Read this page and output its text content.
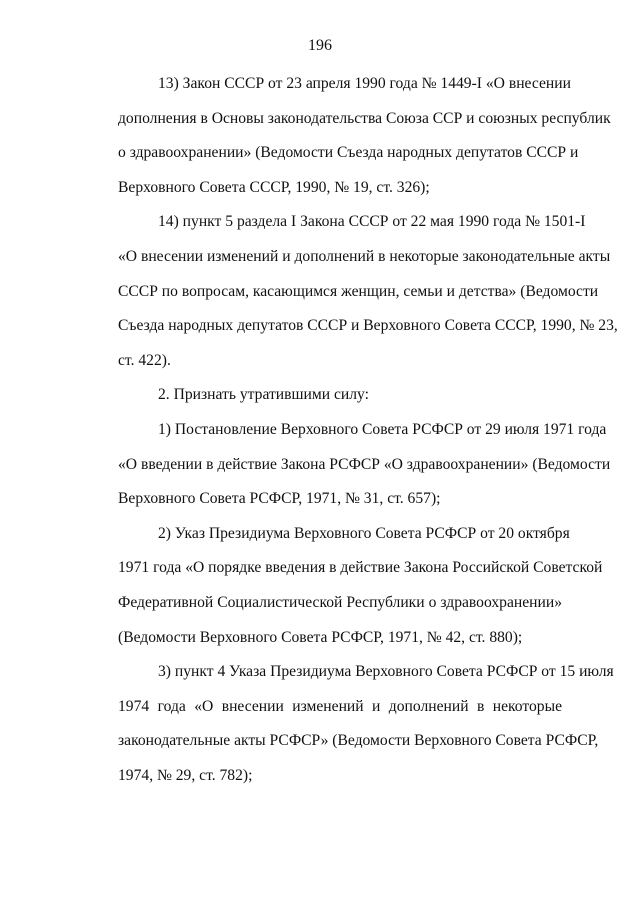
196
13) Закон СССР от 23 апреля 1990 года № 1449-I «О внесении
дополнения в Основы законодательства Союза ССР и союзных республик
о здравоохранении» (Ведомости Съезда народных депутатов СССР и
Верховного Совета СССР, 1990, № 19, ст. 326);
14) пункт 5 раздела I Закона СССР от 22 мая 1990 года № 1501-I
«О внесении изменений и дополнений в некоторые законодательные акты
СССР по вопросам, касающимся женщин, семьи и детства» (Ведомости
Съезда народных депутатов СССР и Верховного Совета СССР, 1990, № 23,
ст. 422).
2. Признать утратившими силу:
1) Постановление Верховного Совета РСФСР от 29 июля 1971 года
«О введении в действие Закона РСФСР «О здравоохранении» (Ведомости
Верховного Совета РСФСР, 1971, № 31, ст. 657);
2) Указ Президиума Верховного Совета РСФСР от 20 октября
1971 года «О порядке введения в действие Закона Российской Советской
Федеративной Социалистической Республики о здравоохранении»
(Ведомости Верховного Совета РСФСР, 1971, № 42, ст. 880);
3) пункт 4 Указа Президиума Верховного Совета РСФСР от 15 июля
1974 года «О внесении изменений и дополнений в некоторые
законодательные акты РСФСР» (Ведомости Верховного Совета РСФСР,
1974, № 29, ст. 782);
